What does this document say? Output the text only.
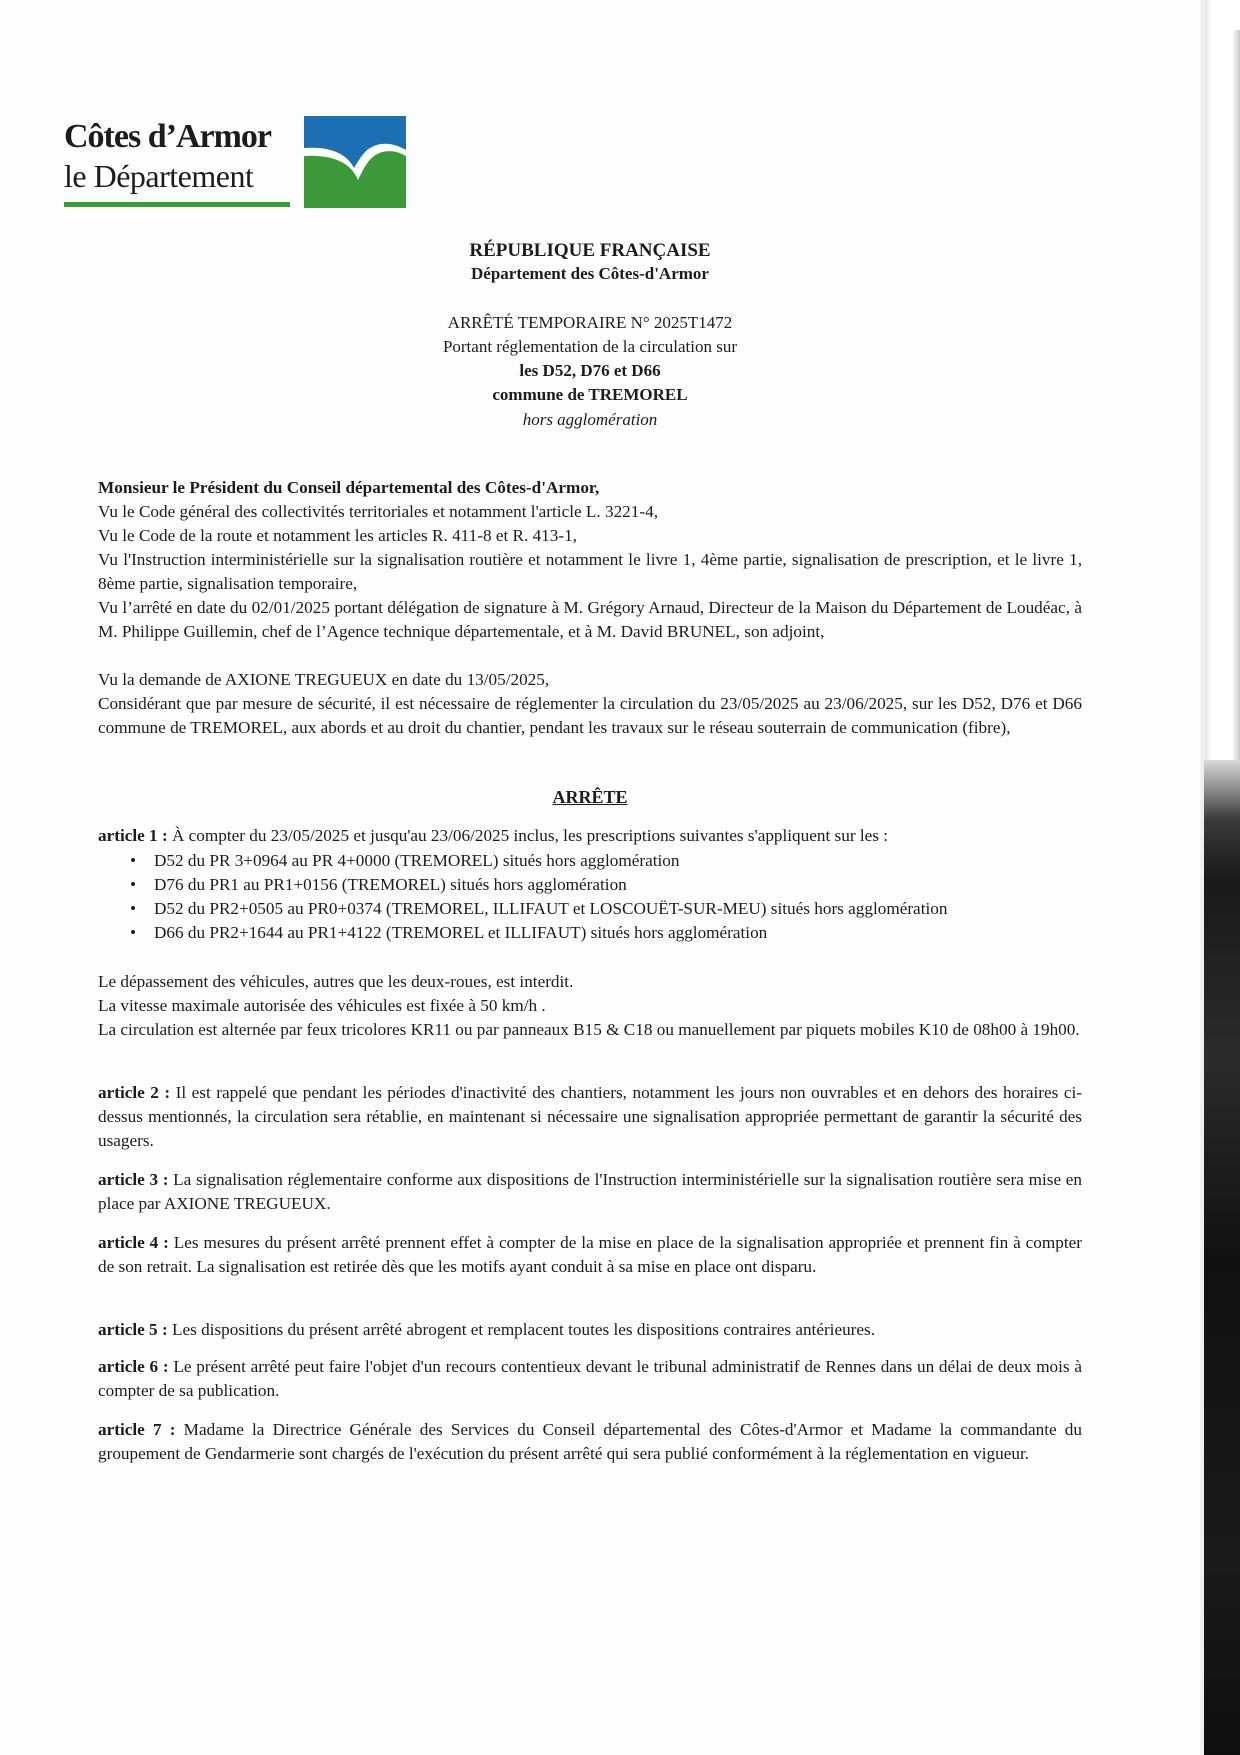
Côtes d’Armor
le Département
RÉPUBLIQUE FRANÇAISE
Département des Côtes-d'Armor
ARRÊTÉ TEMPORAIRE N° 2025T1472
Portant réglementation de la circulation sur
les D52, D76 et D66
commune de TREMOREL
hors agglomération
Monsieur le Président du Conseil départemental des Côtes-d'Armor,
Vu le Code général des collectivités territoriales et notamment l'article L. 3221-4,
Vu le Code de la route et notamment les articles R. 411-8 et R. 413-1,
Vu l'Instruction interministérielle sur la signalisation routière et notamment le livre 1, 4ème partie, signalisation de prescription, et le livre 1, 8ème partie, signalisation temporaire,
Vu l’arrêté en date du 02/01/2025 portant délégation de signature à M. Grégory Arnaud, Directeur de la Maison du Département de Loudéac, à M. Philippe Guillemin, chef de l’Agence technique départementale, et à M. David BRUNEL, son adjoint,
Vu la demande de AXIONE TREGUEUX en date du 13/05/2025,
Considérant que par mesure de sécurité, il est nécessaire de réglementer la circulation du 23/05/2025 au 23/06/2025, sur les D52, D76 et D66 commune de TREMOREL, aux abords et au droit du chantier, pendant les travaux sur le réseau souterrain de communication (fibre),
ARRÊTE
article 1 : À compter du 23/05/2025 et jusqu'au 23/06/2025 inclus, les prescriptions suivantes s'appliquent sur les :
• D52 du PR 3+0964 au PR 4+0000 (TREMOREL) situés hors agglomération
• D76 du PR1 au PR1+0156 (TREMOREL) situés hors agglomération
• D52 du PR2+0505 au PR0+0374 (TREMOREL, ILLIFAUT et LOSCOUËT-SUR-MEU) situés hors agglomération
• D66 du PR2+1644 au PR1+4122 (TREMOREL et ILLIFAUT) situés hors agglomération
Le dépassement des véhicules, autres que les deux-roues, est interdit.
La vitesse maximale autorisée des véhicules est fixée à 50 km/h .
La circulation est alternée par feux tricolores KR11 ou par panneaux B15 & C18 ou manuellement par piquets mobiles K10 de 08h00 à 19h00.
article 2 : Il est rappelé que pendant les périodes d'inactivité des chantiers, notamment les jours non ouvrables et en dehors des horaires ci-dessus mentionnés, la circulation sera rétablie, en maintenant si nécessaire une signalisation appropriée permettant de garantir la sécurité des usagers.
article 3 : La signalisation réglementaire conforme aux dispositions de l'Instruction interministérielle sur la signalisation routière sera mise en place par AXIONE TREGUEUX.
article 4 : Les mesures du présent arrêté prennent effet à compter de la mise en place de la signalisation appropriée et prennent fin à compter de son retrait. La signalisation est retirée dès que les motifs ayant conduit à sa mise en place ont disparu.
article 5 : Les dispositions du présent arrêté abrogent et remplacent toutes les dispositions contraires antérieures.
article 6 : Le présent arrêté peut faire l'objet d'un recours contentieux devant le tribunal administratif de Rennes dans un délai de deux mois à compter de sa publication.
article 7 : Madame la Directrice Générale des Services du Conseil départemental des Côtes-d'Armor et Madame la commandante du groupement de Gendarmerie sont chargés de l'exécution du présent arrêté qui sera publié conformément à la réglementation en vigueur.
